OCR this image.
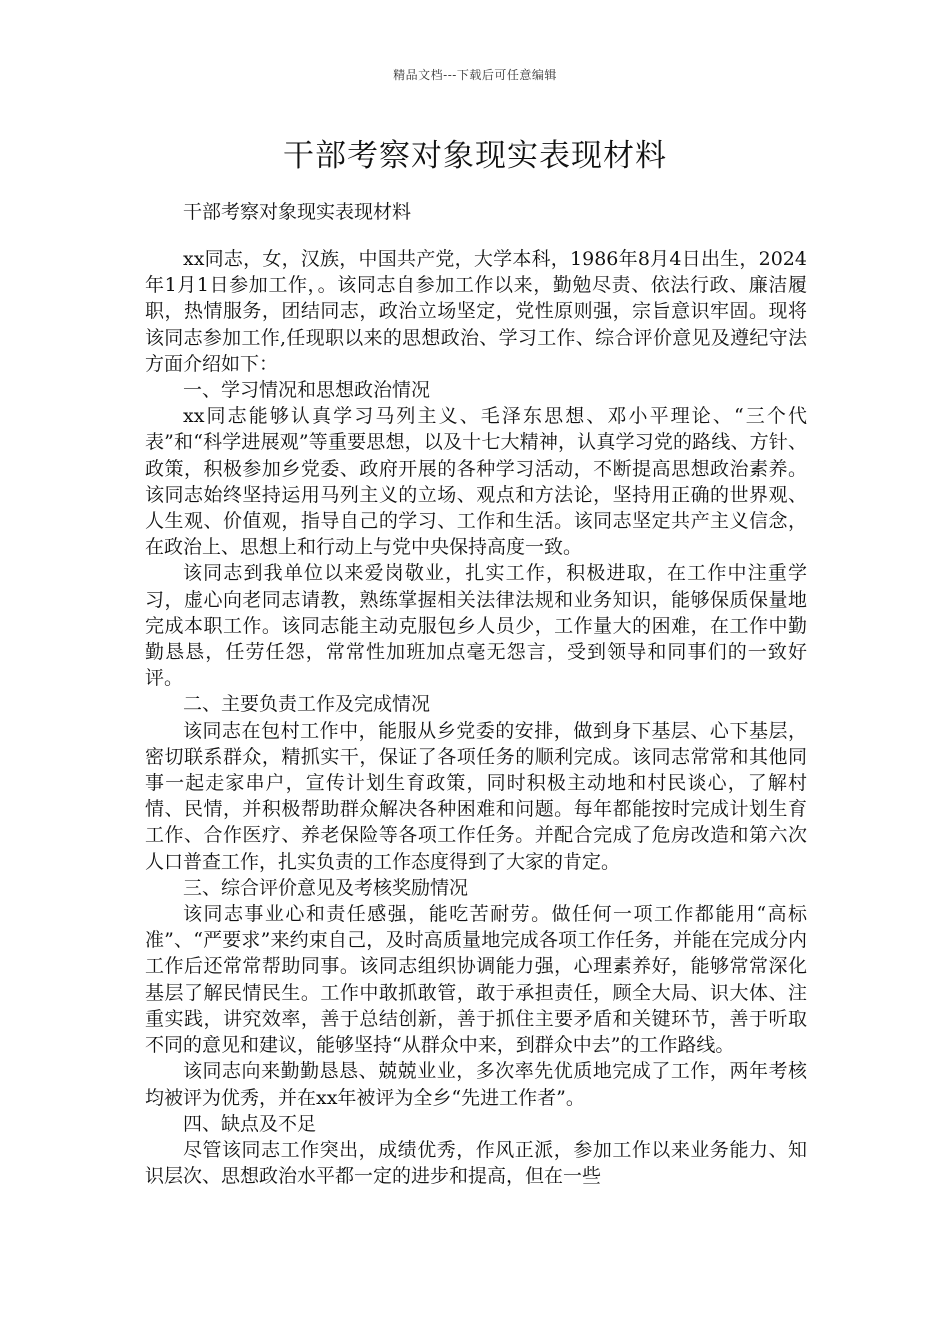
精品文档---下载后可任意编辑
干部考察对象现实表现材料

干部考察对象现实表现材料

xx同志，女，汉族，中国共产党，大学本科，1986年8月4日出生，2024年1月1日参加工作，。该同志自参加工作以来，勤勉尽责、依法行政、廉洁履职，热情服务，团结同志，政治立场坚定，党性原则强，宗旨意识牢固。现将该同志参加工作,任现职以来的思想政治、学习工作、综合评价意见及遵纪守法方面介绍如下：

一、学习情况和思想政治情况

xx同志能够认真学习马列主义、毛泽东思想、邓小平理论、“三个代表”和“科学进展观”等重要思想，以及十七大精神，认真学习党的路线、方针、政策，积极参加乡党委、政府开展的各种学习活动，不断提高思想政治素养。该同志始终坚持运用马列主义的立场、观点和方法论，坚持用正确的世界观、人生观、价值观，指导自己的学习、工作和生活。该同志坚定共产主义信念，在政治上、思想上和行动上与党中央保持高度一致。

该同志到我单位以来爱岗敬业，扎实工作，积极进取，在工作中注重学习，虚心向老同志请教，熟练掌握相关法律法规和业务知识，能够保质保量地完成本职工作。该同志能主动克服包乡人员少，工作量大的困难，在工作中勤勤恳恳，任劳任怨，常常性加班加点毫无怨言，受到领导和同事们的一致好评。

二、主要负责工作及完成情况

该同志在包村工作中，能服从乡党委的安排，做到身下基层、心下基层，密切联系群众，精抓实干，保证了各项任务的顺利完成。该同志常常和其他同事一起走家串户，宣传计划生育政策，同时积极主动地和村民谈心，了解村情、民情，并积极帮助群众解决各种困难和问题。每年都能按时完成计划生育工作、合作医疗、养老保险等各项工作任务。并配合完成了危房改造和第六次人口普查工作，扎实负责的工作态度得到了大家的肯定。

三、综合评价意见及考核奖励情况

该同志事业心和责任感强，能吃苦耐劳。做任何一项工作都能用“高标准”、“严要求”来约束自己，及时高质量地完成各项工作任务，并能在完成分内工作后还常常帮助同事。该同志组织协调能力强，心理素养好，能够常常深化基层了解民情民生。工作中敢抓敢管，敢于承担责任，顾全大局、识大体、注重实践，讲究效率，善于总结创新，善于抓住主要矛盾和关键环节，善于听取不同的意见和建议，能够坚持“从群众中来，到群众中去”的工作路线。

该同志向来勤勤恳恳、兢兢业业，多次率先优质地完成了工作，两年考核均被评为优秀，并在xx年被评为全乡“先进工作者”。

四、缺点及不足

尽管该同志工作突出，成绩优秀，作风正派，参加工作以来业务能力、知识层次、思想政治水平都一定的进步和提高，但在一些
